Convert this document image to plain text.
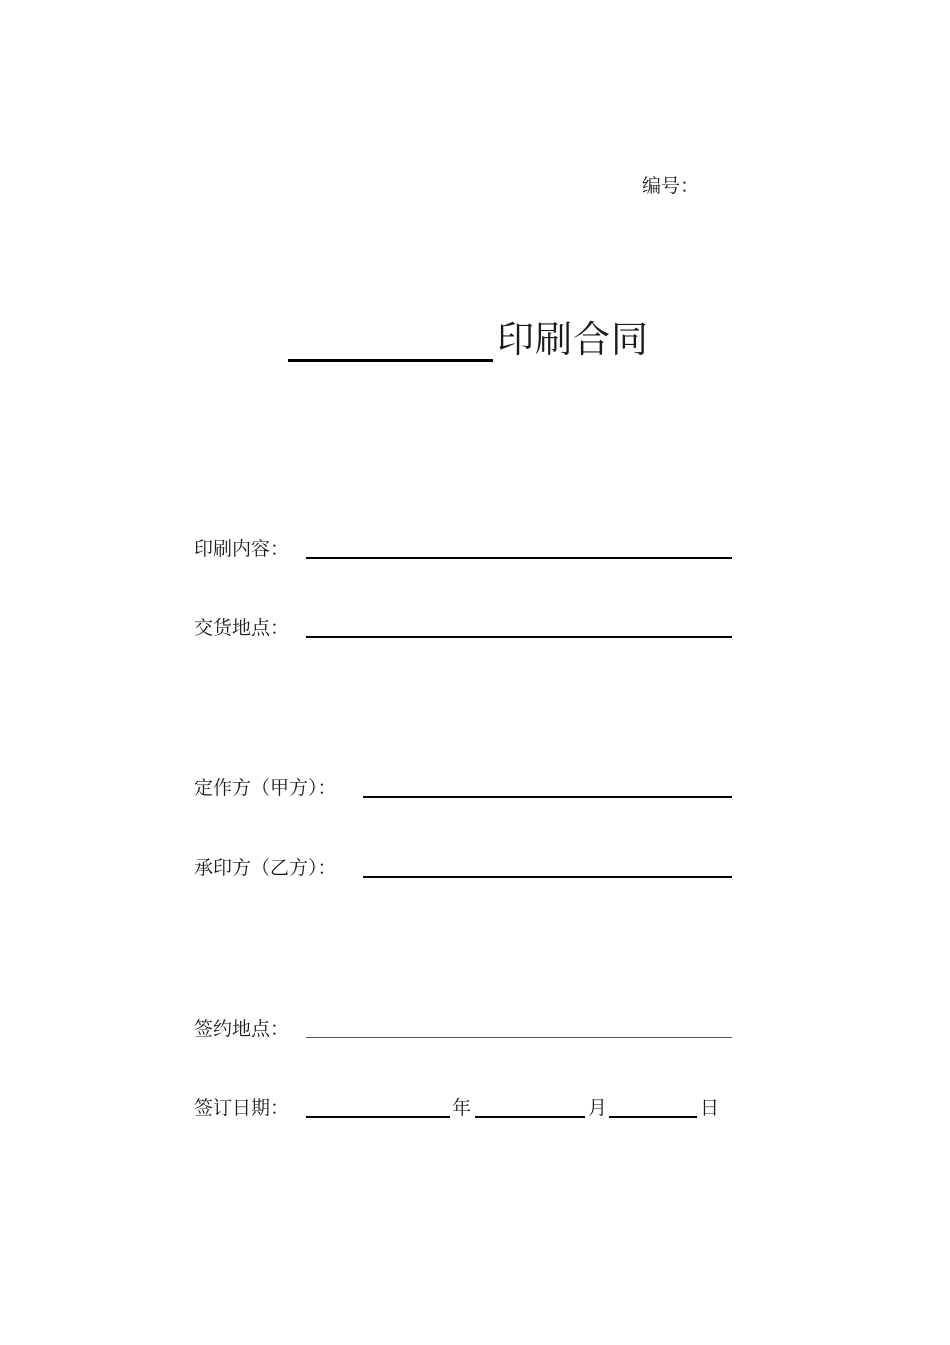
编号：
印刷合同
印刷内容：
交货地点：
定作方（甲方）：
承印方（乙方）：
签约地点：
签订日期：	年	月	日
